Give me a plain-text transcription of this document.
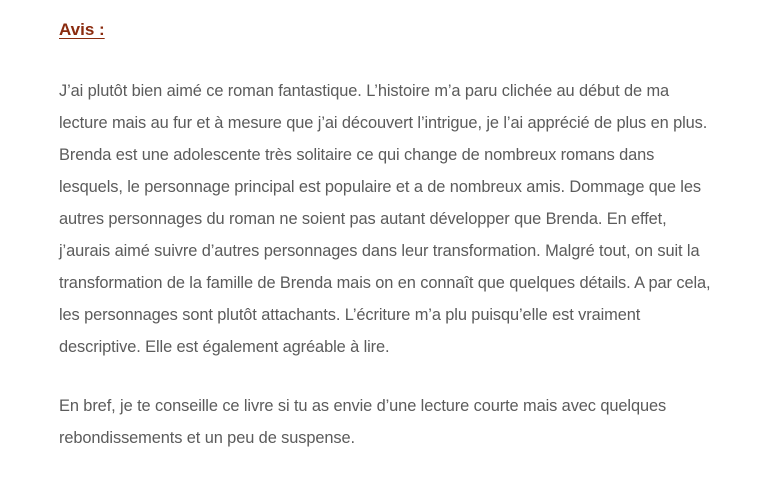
Avis :

J’ai plutôt bien aimé ce roman fantastique. L’histoire m’a paru clichée au début de ma lecture mais au fur et à mesure que j’ai découvert l’intrigue, je l’ai apprécié de plus en plus. Brenda est une adolescente très solitaire ce qui change de nombreux romans dans lesquels, le personnage principal est populaire et a de nombreux amis. Dommage que les autres personnages du roman ne soient pas autant développer que Brenda. En effet, j’aurais aimé suivre d’autres personnages dans leur transformation. Malgré tout, on suit la transformation de la famille de Brenda mais on en connaît que quelques détails. A par cela, les personnages sont plutôt attachants. L’écriture m’a plu puisqu’elle est vraiment descriptive. Elle est également agréable à lire.

En bref, je te conseille ce livre si tu as envie d’une lecture courte mais avec quelques rebondissements et un peu de suspense.
